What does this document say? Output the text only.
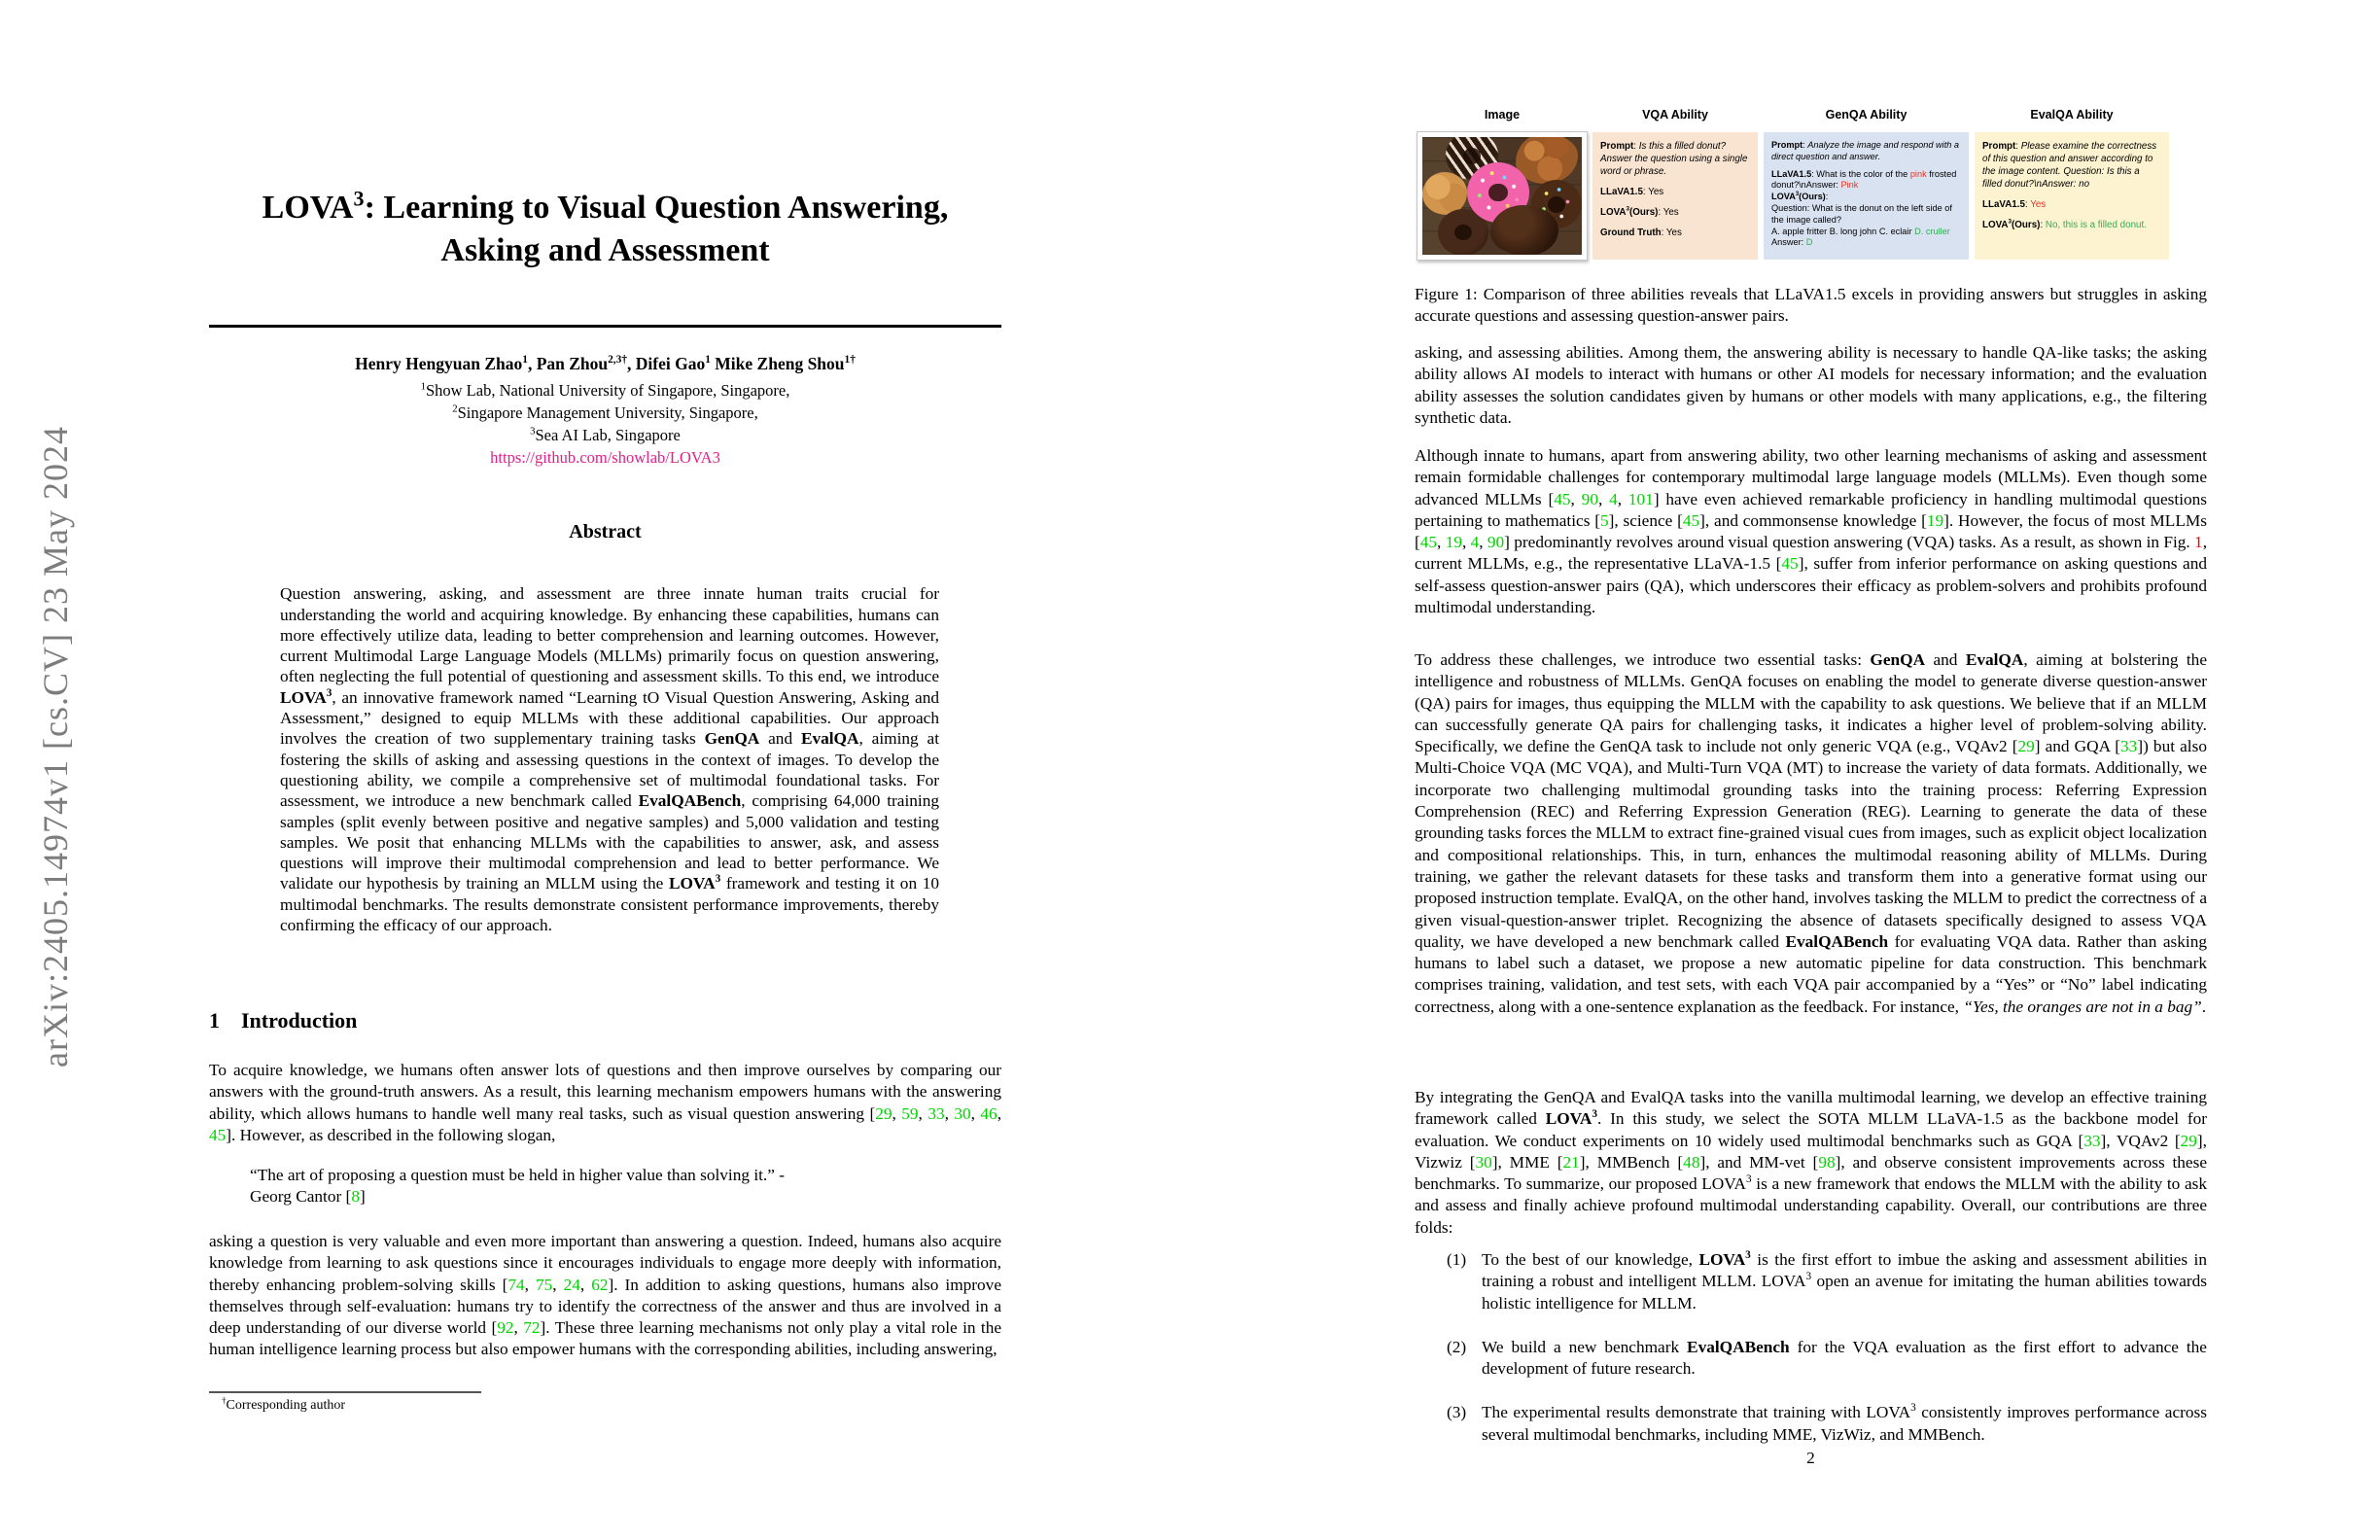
arXiv:2405.14974v1 [cs.CV] 23 May 2024
LOVA$^3$: Learning to Visual Question Answering,
Asking and Assessment
Henry Hengyuan Zhao$^1$, Pan Zhou$^{2,3\dagger}$, Difei Gao$^1$ Mike Zheng Shou$^{1\dagger}$
$^1$Show Lab, National University of Singapore, Singapore,
$^2$Singapore Management University, Singapore,
$^3$Sea AI Lab, Singapore
https://github.com/showlab/LOVA3
Abstract

Question answering, asking, and assessment are three innate human traits crucial for understanding the world and acquiring knowledge. By enhancing these capabilities, humans can more effectively utilize data, leading to better comprehension and learning outcomes. However, current Multimodal Large Language Models (MLLMs) primarily focus on question answering, often neglecting the full potential of questioning and assessment skills. To this end, we introduce LOVA$^3$, an innovative framework named “Learning tO Visual Question Answering, Asking and Assessment,” designed to equip MLLMs with these additional capabilities. Our approach involves the creation of two supplementary training tasks GenQA and EvalQA, aiming at fostering the skills of asking and assessing questions in the context of images. To develop the questioning ability, we compile a comprehensive set of multimodal foundational tasks. For assessment, we introduce a new benchmark called EvalQABench, comprising 64,000 training samples (split evenly between positive and negative samples) and 5,000 validation and testing samples. We posit that enhancing MLLMs with the capabilities to answer, ask, and assess questions will improve their multimodal comprehension and lead to better performance. We validate our hypothesis by training an MLLM using the LOVA$^3$ framework and testing it on 10 multimodal benchmarks. The results demonstrate consistent performance improvements, thereby confirming the efficacy of our approach.

1    Introduction

To acquire knowledge, we humans often answer lots of questions and then improve ourselves by comparing our answers with the ground-truth answers. As a result, this learning mechanism empowers humans with the answering ability, which allows humans to handle well many real tasks, such as visual question answering [29, 59, 33, 30, 46, 45]. However, as described in the following slogan,

“The art of proposing a question must be held in higher value than solving it.” -
Georg Cantor [8]

asking a question is very valuable and even more important than answering a question. Indeed, humans also acquire knowledge from learning to ask questions since it encourages individuals to engage more deeply with information, thereby enhancing problem-solving skills [74, 75, 24, 62]. In addition to asking questions, humans also improve themselves through self-evaluation: humans try to identify the correctness of the answer and thus are involved in a deep understanding of our diverse world [92, 72]. These three learning mechanisms not only play a vital role in the human intelligence learning process but also empower humans with the corresponding abilities, including answering,

†Corresponding author
Image	VQA Ability	GenQA Ability	EvalQA Ability

Prompt: Is this a filled donut? Answer the question using a single word or phrase.

LLaVA1.5: Yes

LOVA$^3$(Ours): Yes

Ground Truth: Yes

Prompt: Analyze the image and respond with a direct question and answer.

LLaVA1.5: What is the color of the pink frosted donut?\nAnswer: Pink

LOVA$^3$(Ours):

Question: What is the donut on the left side of the image called?

A. apple fritter B. long john C. eclair D. cruller

Answer: D

Prompt: Please examine the correctness of this question and answer according to the image content. Question: Is this a filled donut?\nAnswer: no

LLaVA1.5: Yes

LOVA$^3$(Ours): No, this is a filled donut.

Figure 1: Comparison of three abilities reveals that LLaVA1.5 excels in providing answers but struggles in asking accurate questions and assessing question-answer pairs.

asking, and assessing abilities. Among them, the answering ability is necessary to handle QA-like tasks; the asking ability allows AI models to interact with humans or other AI models for necessary information; and the evaluation ability assesses the solution candidates given by humans or other models with many applications, e.g., the filtering synthetic data.

Although innate to humans, apart from answering ability, two other learning mechanisms of asking and assessment remain formidable challenges for contemporary multimodal large language models (MLLMs). Even though some advanced MLLMs [45, 90, 4, 101] have even achieved remarkable proficiency in handling multimodal questions pertaining to mathematics [5], science [45], and commonsense knowledge [19]. However, the focus of most MLLMs [45, 19, 4, 90] predominantly revolves around visual question answering (VQA) tasks. As a result, as shown in Fig. 1, current MLLMs, e.g., the representative LLaVA-1.5 [45], suffer from inferior performance on asking questions and self-assess question-answer pairs (QA), which underscores their efficacy as problem-solvers and prohibits profound multimodal understanding.

To address these challenges, we introduce two essential tasks: GenQA and EvalQA, aiming at bolstering the intelligence and robustness of MLLMs. GenQA focuses on enabling the model to generate diverse question-answer (QA) pairs for images, thus equipping the MLLM with the capability to ask questions. We believe that if an MLLM can successfully generate QA pairs for challenging tasks, it indicates a higher level of problem-solving ability. Specifically, we define the GenQA task to include not only generic VQA (e.g., VQAv2 [29] and GQA [33]) but also Multi-Choice VQA (MC VQA), and Multi-Turn VQA (MT) to increase the variety of data formats. Additionally, we incorporate two challenging multimodal grounding tasks into the training process: Referring Expression Comprehension (REC) and Referring Expression Generation (REG). Learning to generate the data of these grounding tasks forces the MLLM to extract fine-grained visual cues from images, such as explicit object localization and compositional relationships. This, in turn, enhances the multimodal reasoning ability of MLLMs. During training, we gather the relevant datasets for these tasks and transform them into a generative format using our proposed instruction template. EvalQA, on the other hand, involves tasking the MLLM to predict the correctness of a given visual-question-answer triplet. Recognizing the absence of datasets specifically designed to assess VQA quality, we have developed a new benchmark called EvalQABench for evaluating VQA data. Rather than asking humans to label such a dataset, we propose a new automatic pipeline for data construction. This benchmark comprises training, validation, and test sets, with each VQA pair accompanied by a “Yes” or “No” label indicating correctness, along with a one-sentence explanation as the feedback. For instance, “Yes, the oranges are not in a bag”.

By integrating the GenQA and EvalQA tasks into the vanilla multimodal learning, we develop an effective training framework called LOVA$^3$. In this study, we select the SOTA MLLM LLaVA-1.5 as the backbone model for evaluation. We conduct experiments on 10 widely used multimodal benchmarks such as GQA [33], VQAv2 [29], Vizwiz [30], MME [21], MMBench [48], and MM-vet [98], and observe consistent improvements across these benchmarks. To summarize, our proposed LOVA$^3$ is a new framework that endows the MLLM with the ability to ask and assess and finally achieve profound multimodal understanding capability. Overall, our contributions are three folds:

(1) To the best of our knowledge, LOVA$^3$ is the first effort to imbue the asking and assessment abilities in training a robust and intelligent MLLM. LOVA$^3$ open an avenue for imitating the human abilities towards holistic intelligence for MLLM.
(2) We build a new benchmark EvalQABench for the VQA evaluation as the first effort to advance the development of future research.
(3) The experimental results demonstrate that training with LOVA$^3$ consistently improves performance across several multimodal benchmarks, including MME, VizWiz, and MMBench.
2
